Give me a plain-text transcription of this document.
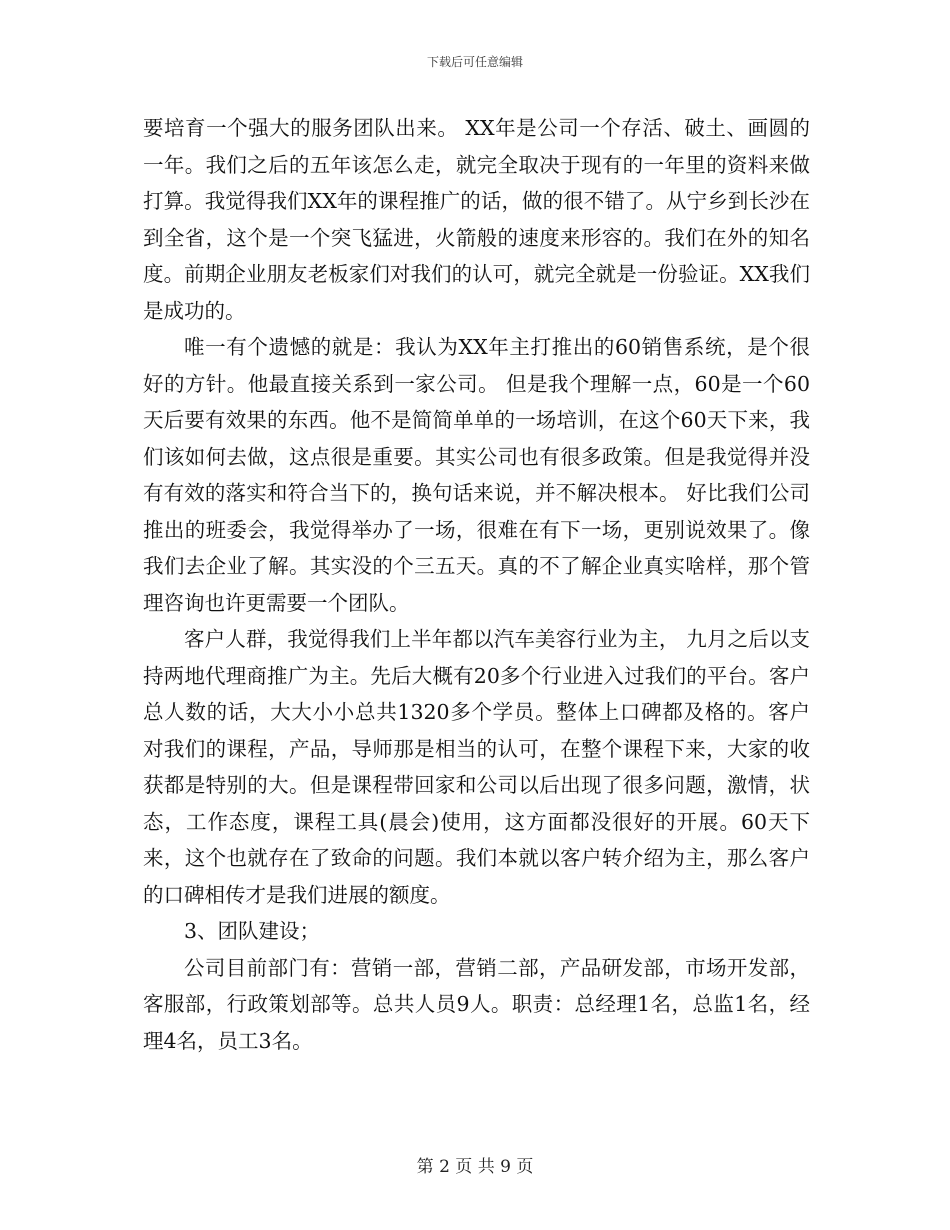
下载后可任意编辑

要培育一个强大的服务团队出来。 XX年是公司一个存活、破土、画圆的一年。我们之后的五年该怎么走，就完全取决于现有的一年里的资料来做打算。我觉得我们XX年的课程推广的话，做的很不错了。从宁乡到长沙在到全省，这个是一个突飞猛进，火箭般的速度来形容的。我们在外的知名度。前期企业朋友老板家们对我们的认可，就完全就是一份验证。XX我们是成功的。

唯一有个遗憾的就是：我认为XX年主打推出的60销售系统，是个很好的方针。他最直接关系到一家公司。 但是我个理解一点，60是一个60天后要有效果的东西。他不是简简单单的一场培训，在这个60天下来，我们该如何去做，这点很是重要。其实公司也有很多政策。但是我觉得并没有有效的落实和符合当下的，换句话来说，并不解决根本。 好比我们公司推出的班委会，我觉得举办了一场，很难在有下一场，更别说效果了。像我们去企业了解。其实没的个三五天。真的不了解企业真实啥样，那个管理咨询也许更需要一个团队。

客户人群，我觉得我们上半年都以汽车美容行业为主， 九月之后以支持两地代理商推广为主。先后大概有20多个行业进入过我们的平台。客户总人数的话，大大小小总共1320多个学员。整体上口碑都及格的。客户对我们的课程，产品，导师那是相当的认可，在整个课程下来，大家的收获都是特别的大。但是课程带回家和公司以后出现了很多问题，激情，状态，工作态度，课程工具(晨会)使用，这方面都没很好的开展。60天下来，这个也就存在了致命的问题。我们本就以客户转介绍为主，那么客户的口碑相传才是我们进展的额度。

3、团队建设；

公司目前部门有：营销一部，营销二部，产品研发部，市场开发部， 客服部，行政策划部等。总共人员9人。职责：总经理1名，总监1名，经理4名，员工3名。

第 2 页 共 9 页
